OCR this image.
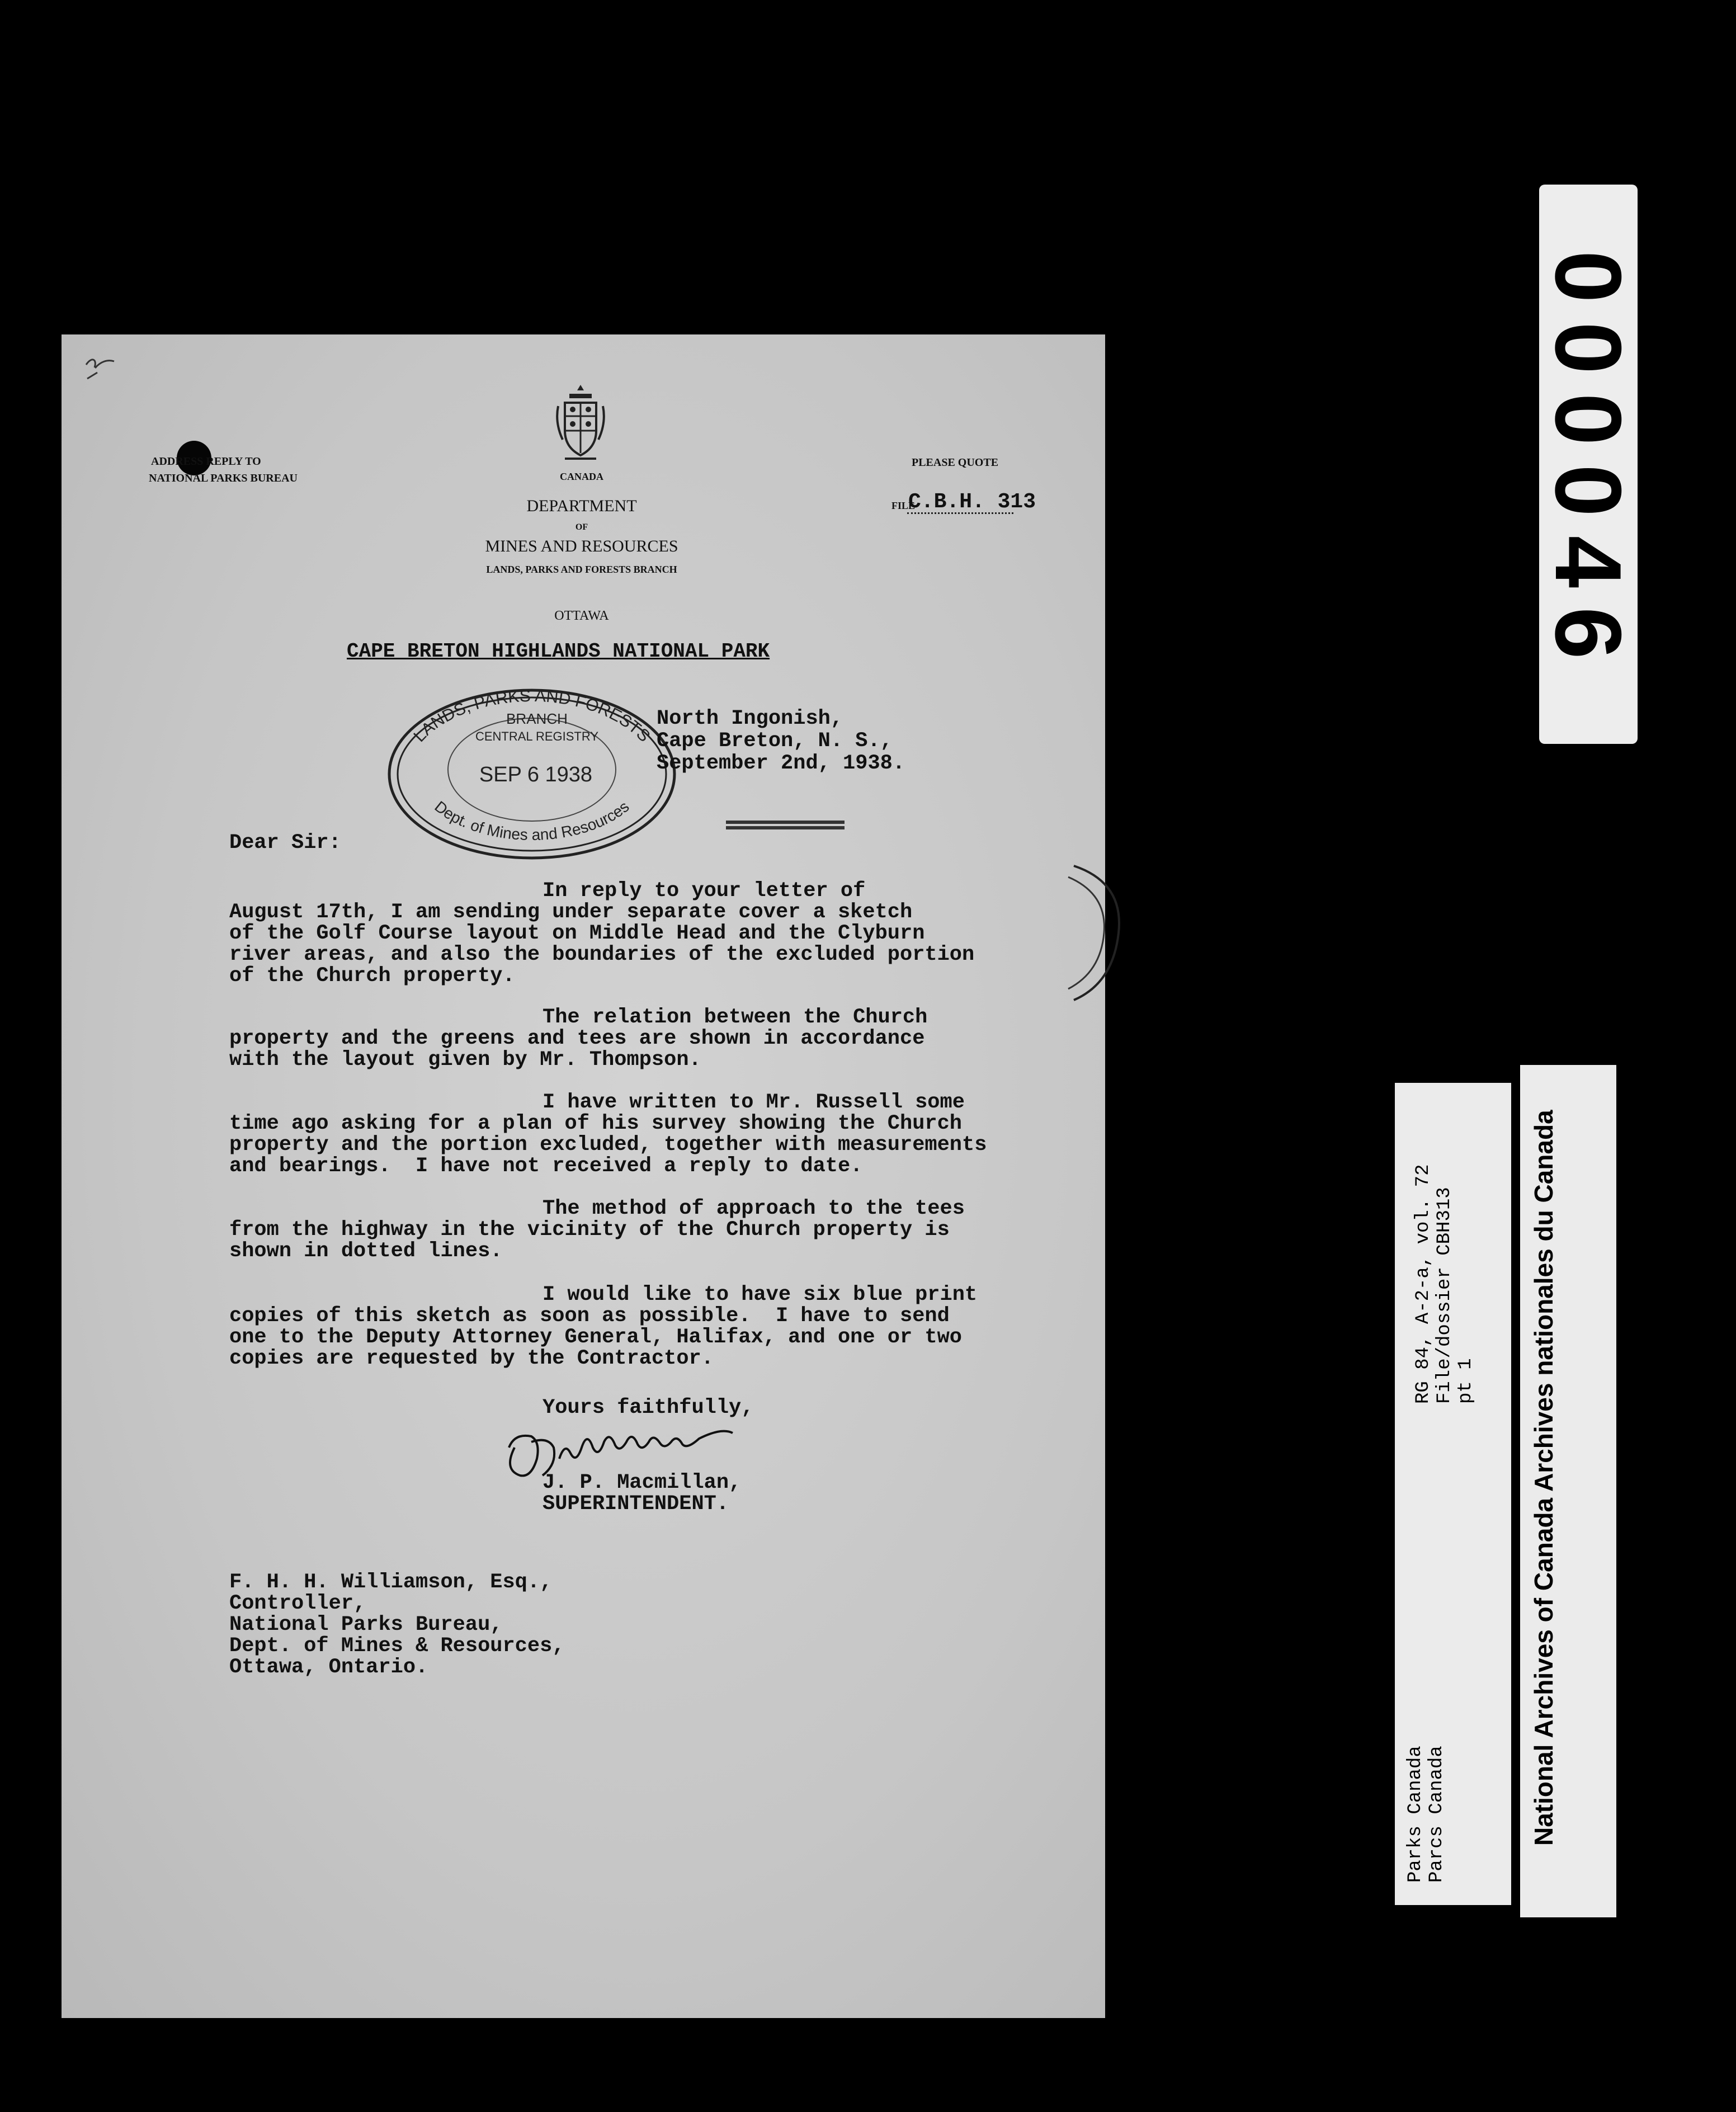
ADDRESS REPLY TO
NATIONAL PARKS BUREAU	CANADA
DEPARTMENT
OF
MINES AND RESOURCES
LANDS, PARKS AND FORESTS BRANCH
OTTAWA
PLEASE QUOTE
FILE
C.B.H. 313
CAPE BRETON HIGHLANDS NATIONAL PARK
LANDS, PARKS AND FORESTS
Dept. of Mines and Resources
BRANCH
CENTRAL REGISTRY
SEP 6 1938
North Ingonish,
Cape Breton, N. S.,
September 2nd, 1938.
Dear Sir:
In reply to your letter of
August 17th, I am sending under separate cover a sketch
of the Golf Course layout on Middle Head and the Clyburn
river areas, and also the boundaries of the excluded portion
of the Church property.
The relation between the Church
property and the greens and tees are shown in accordance
with the layout given by Mr. Thompson.
I have written to Mr. Russell some
time ago asking for a plan of his survey showing the Church
property and the portion excluded, together with measurements
and bearings.  I have not received a reply to date.
The method of approach to the tees
from the highway in the vicinity of the Church property is
shown in dotted lines.
I would like to have six blue print
copies of this sketch as soon as possible.  I have to send
one to the Deputy Attorney General, Halifax, and one or two
copies are requested by the Contractor.
Yours faithfully,
J. P. Macmillan,
SUPERINTENDENT.
F. H. H. Williamson, Esq.,
Controller,
National Parks Bureau,
Dept. of Mines & Resources,
Ottawa, Ontario.
000046
RG 84, A-2-a, vol. 72
File/dossier CBH313
pt 1
Parks Canada
Parcs Canada	National Archives of Canada Archives nationales du Canada
